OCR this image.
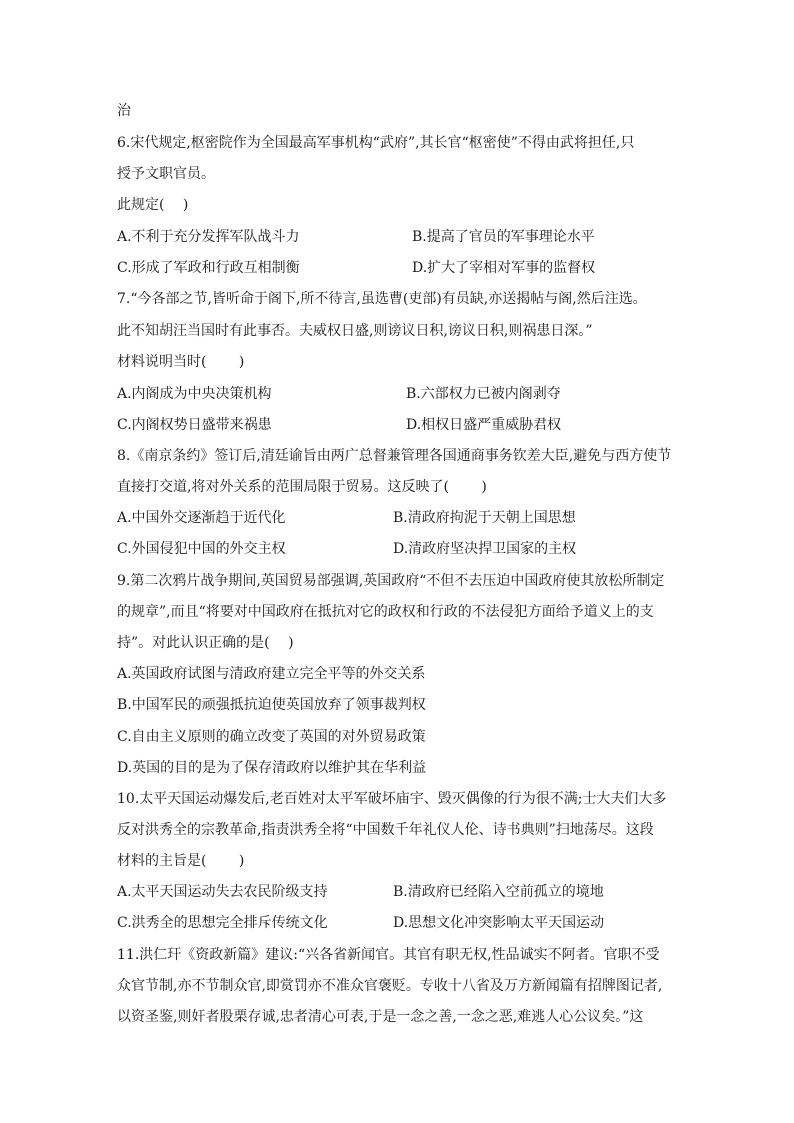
治
6.宋代规定,枢密院作为全国最高军事机构“武府”,其长官“枢密使”不得由武将担任,只
授予文职官员。
此规定(　 )
A.不利于充分发挥军队战斗力	B.提高了官员的军事理论水平
C.形成了军政和行政互相制衡	D.扩大了宰相对军事的监督权
7.“今各部之节,皆听命于阁下,所不待言,虽选曹(吏部)有员缺,亦送揭帖与阁,然后注选。
此不知胡汪当国时有此事否。夫威权日盛,则谤议日积,谤议日积,则祸患日深。”
材料说明当时(　　 )
A.内阁成为中央决策机构	B.六部权力已被内阁剥夺
C.内阁权势日盛带来祸患	D.相权日盛严重威胁君权
8.《南京条约》签订后,清廷谕旨由两广总督兼管理各国通商事务钦差大臣,避免与西方使节
直接打交道,将对外关系的范围局限于贸易。这反映了(　　 )
A.中国外交逐渐趋于近代化	B.清政府拘泥于天朝上国思想
C.外国侵犯中国的外交主权	D.清政府坚决捍卫国家的主权
9.第二次鸦片战争期间,英国贸易部强调,英国政府“不但不去压迫中国政府使其放松所制定
的规章”,而且“将要对中国政府在抵抗对它的政权和行政的不法侵犯方面给予道义上的支
持”。对此认识正确的是(　 )
A.英国政府试图与清政府建立完全平等的外交关系
B.中国军民的顽强抵抗迫使英国放弃了领事裁判权
C.自由主义原则的确立改变了英国的对外贸易政策
D.英国的目的是为了保存清政府以维护其在华利益
10.太平天国运动爆发后,老百姓对太平军破坏庙宇、毁灭偶像的行为很不满;士大夫们大多
反对洪秀全的宗教革命,指责洪秀全将“中国数千年礼仪人伦、诗书典则”扫地荡尽。这段
材料的主旨是(　　 )
A.太平天国运动失去农民阶级支持	B.清政府已经陷入空前孤立的境地
C.洪秀全的思想完全排斥传统文化	D.思想文化冲突影响太平天国运动
11.洪仁玕《资政新篇》建议:“兴各省新闻官。其官有职无权,性品诚实不阿者。官职不受
众官节制,亦不节制众官,即赏罚亦不准众官褒贬。专收十八省及万方新闻篇有招牌图记者,
以资圣鉴,则奸者股栗存诚,忠者清心可表,于是一念之善,一念之恶,难逃人心公议矣。”这
